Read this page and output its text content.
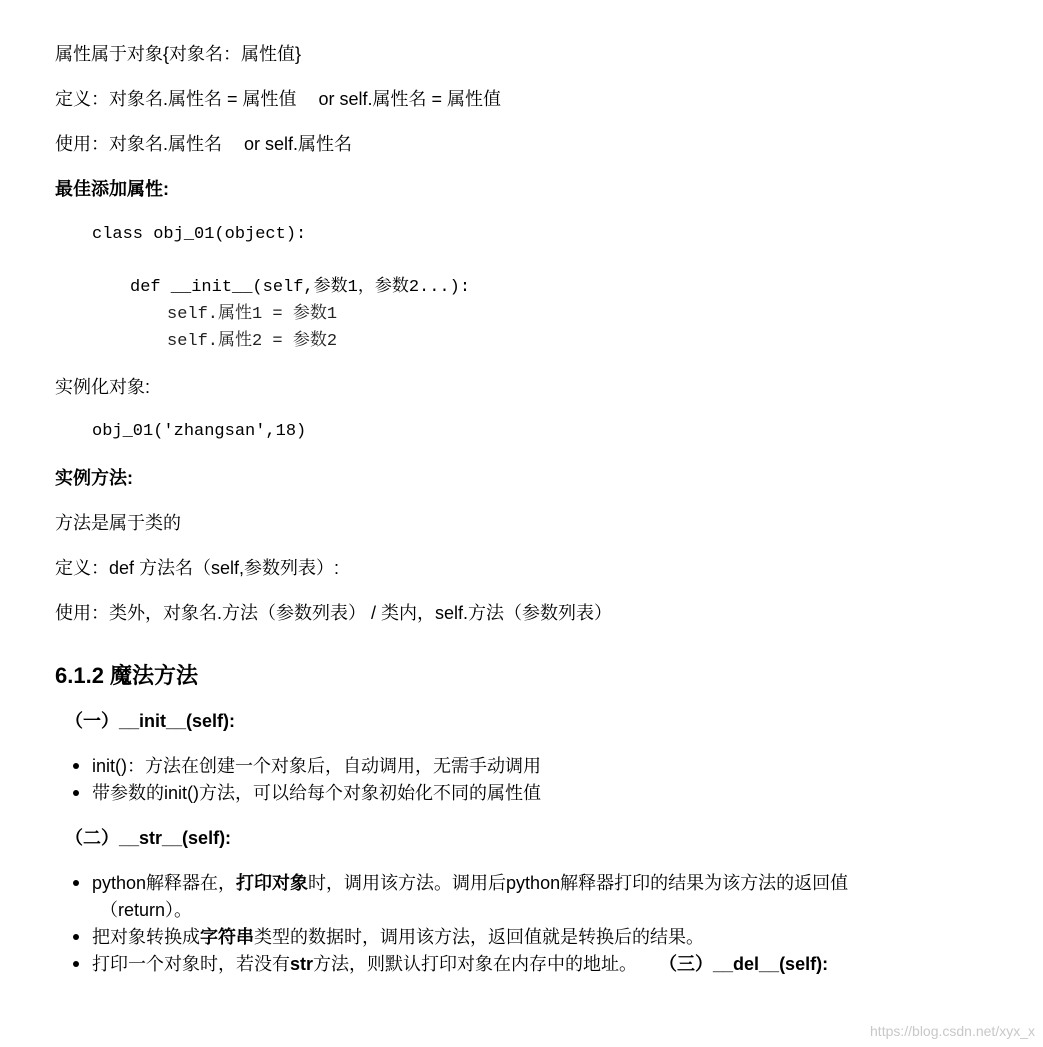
属性属于对象{对象名：属性值}
定义：对象名.属性名 = 属性值 or self.属性名 = 属性值
使用：对象名.属性名 or self.属性名
最佳添加属性:
class obj_01(object):
def __init__(self,参数1，参数2...):
self.属性1 = 参数1
self.属性2 = 参数2
实例化对象:
obj_01('zhangsan',18)
实例方法:
方法是属于类的
定义：def 方法名（self,参数列表）:
使用：类外，对象名.方法（参数列表） / 类内，self.方法（参数列表）
6.1.2 魔法方法
（一）__init__(self):
init()：方法在创建一个对象后，自动调用，无需手动调用
带参数的init()方法，可以给每个对象初始化不同的属性值
（二）__str__(self):
python解释器在，打印对象时，调用该方法。调用后python解释器打印的结果为该方法的返回值
（return）。
把对象转换成字符串类型的数据时，调用该方法，返回值就是转换后的结果。
打印一个对象时，若没有str方法，则默认打印对象在内存中的地址。 （三）__del__(self):
https://blog.csdn.net/xyx_x
